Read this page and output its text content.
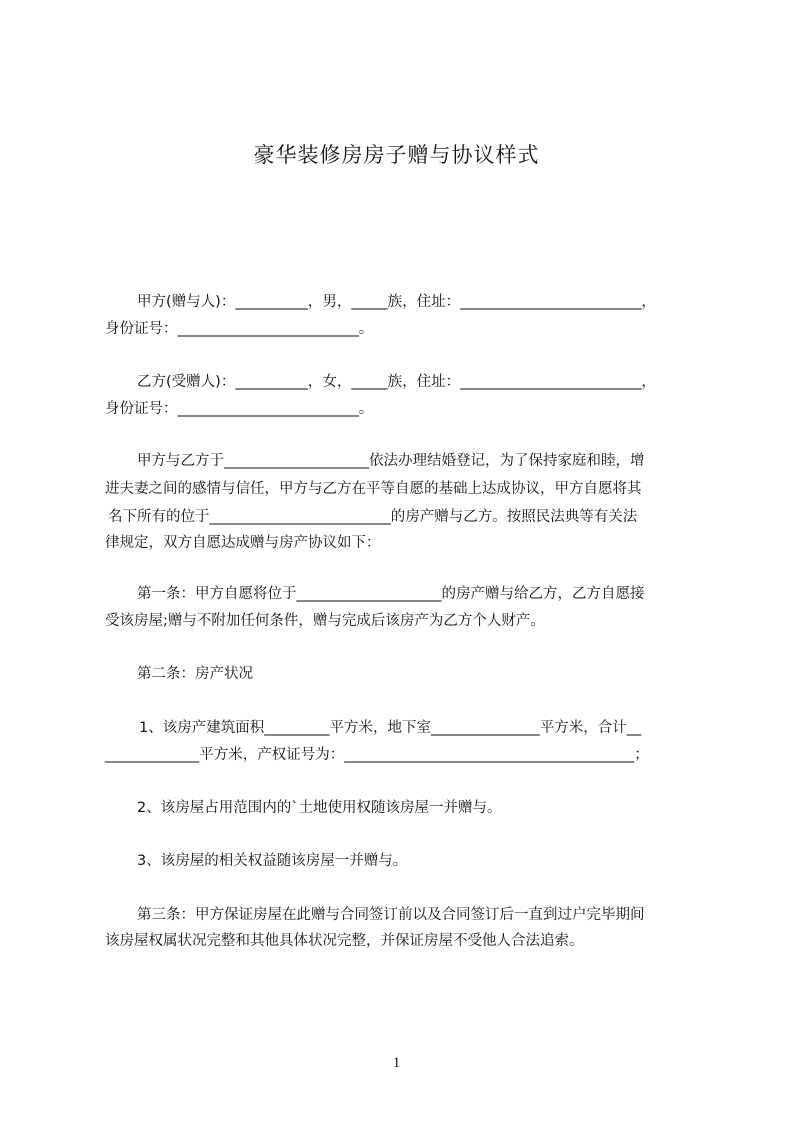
豪华装修房房子赠与协议样式
甲方(赠与人)：__________，男，_____族，住址：_________________________，
身份证号：_________________________。
乙方(受赠人)：__________，女，_____族，住址：_________________________，
身份证号：_________________________。
甲方与乙方于____________________依法办理结婚登记，为了保持家庭和睦，增
进夫妻之间的感情与信任，甲方与乙方在平等自愿的基础上达成协议，甲方自愿将其
名下所有的位于_________________________的房产赠与乙方。按照民法典等有关法
律规定，双方自愿达成赠与房产协议如下：
第一条：甲方自愿将位于____________________的房产赠与给乙方，乙方自愿接
受该房屋;赠与不附加任何条件，赠与完成后该房产为乙方个人财产。
第二条：房产状况
1、该房产建筑面积_________平方米，地下室_______________平方米，合计__
_____________平方米，产权证号为：________________________________________；
2、该房屋占用范围内的`土地使用权随该房屋一并赠与。
3、该房屋的相关权益随该房屋一并赠与。
第三条：甲方保证房屋在此赠与合同签订前以及合同签订后一直到过户完毕期间
该房屋权属状况完整和其他具体状况完整，并保证房屋不受他人合法追索。
1
